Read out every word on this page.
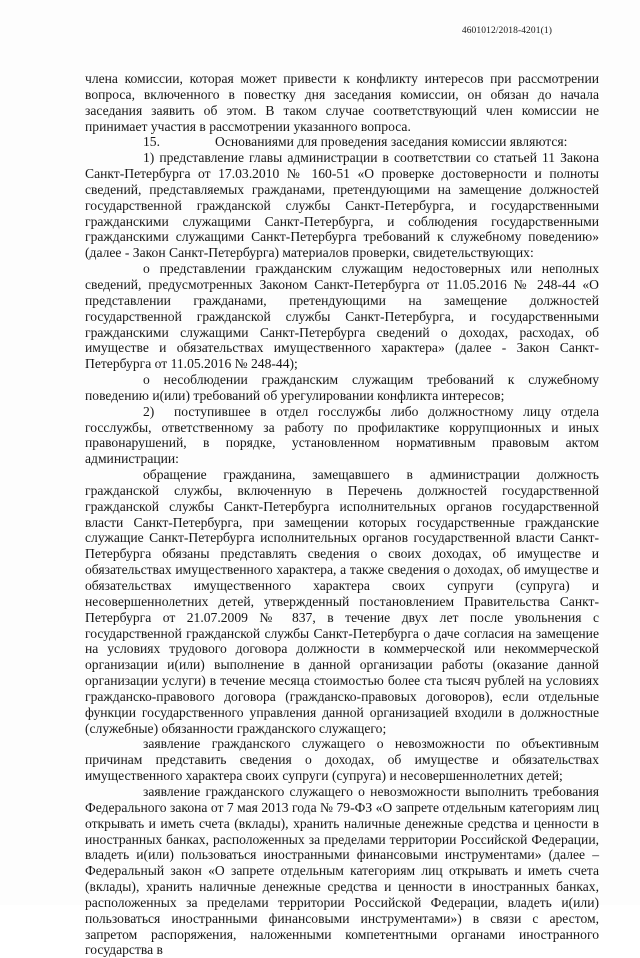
4601012/2018-4201(1)

члена комиссии, которая может привести к конфликту интересов при рассмотрении вопроса, включенного в повестку дня заседания комиссии, он обязан до начала заседания заявить об этом. В таком случае соответствующий член комиссии не принимает участия в рассмотрении указанного вопроса.

15.	Основаниями для проведения заседания комиссии являются:

1) представление главы администрации в соответствии со статьей 11 Закона Санкт-Петербурга от 17.03.2010 № 160-51 «О проверке достоверности и полноты сведений, представляемых гражданами, претендующими на замещение должностей государственной гражданской службы Санкт-Петербурга, и государственными гражданскими служащими Санкт-Петербурга, и соблюдения государственными гражданскими служащими Санкт-Петербурга требований к служебному поведению» (далее - Закон Санкт-Петербурга) материалов проверки, свидетельствующих:

о представлении гражданским служащим недостоверных или неполных сведений, предусмотренных Законом Санкт-Петербурга от 11.05.2016 № 248-44 «О представлении гражданами, претендующими на замещение должностей государственной гражданской службы Санкт-Петербурга, и государственными гражданскими служащими Санкт-Петербурга сведений о доходах, расходах, об имуществе и обязательствах имущественного характера» (далее - Закон Санкт-Петербурга от 11.05.2016 № 248-44);

о несоблюдении гражданским служащим требований к служебному поведению и(или) требований об урегулировании конфликта интересов;

2)	поступившее в отдел госслужбы либо должностному лицу отдела

госслужбы, ответственному за работу по профилактике коррупционных и иных правонарушений, в порядке, установленном нормативным правовым актом администрации:

обращение гражданина, замещавшего в администрации должность гражданской службы, включенную в Перечень должностей государственной гражданской службы Санкт-Петербурга исполнительных органов государственной власти Санкт-Петербурга, при замещении которых государственные гражданские служащие Санкт-Петербурга исполнительных органов государственной власти Санкт-Петербурга обязаны представлять сведения о своих доходах, об имуществе и обязательствах имущественного характера, а также сведения о доходах, об имуществе и обязательствах имущественного характера своих супруги (супруга) и несовершеннолетних детей, утвержденный постановлением Правительства Санкт-Петербурга от 21.07.2009 № 837, в течение двух лет после увольнения с государственной гражданской службы Санкт-Петербурга о даче согласия на замещение на условиях трудового договора должности в коммерческой или некоммерческой организации и(или) выполнение в данной организации работы (оказание данной организации услуги) в течение месяца стоимостью более ста тысяч рублей на условиях гражданско-правового договора (гражданско-правовых договоров), если отдельные функции государственного управления данной организацией входили в должностные (служебные) обязанности гражданского служащего;

заявление гражданского служащего о невозможности по объективным причинам представить сведения о доходах, об имуществе и обязательствах имущественного характера своих супруги (супруга) и несовершеннолетних детей;

заявление гражданского служащего о невозможности выполнить требования Федерального закона от 7 мая 2013 года № 79-ФЗ «О запрете отдельным категориям лиц открывать и иметь счета (вклады), хранить наличные денежные средства и ценности в иностранных банках, расположенных за пределами территории Российской Федерации, владеть и(или) пользоваться иностранными финансовыми инструментами» (далее – Федеральный закон «О запрете отдельным категориям лиц открывать и иметь счета (вклады), хранить наличные денежные средства и ценности в иностранных банках, расположенных за пределами территории Российской Федерации, владеть и(или) пользоваться иностранными финансовыми инструментами») в связи с арестом, запретом распоряжения, наложенными компетентными органами иностранного государства в
